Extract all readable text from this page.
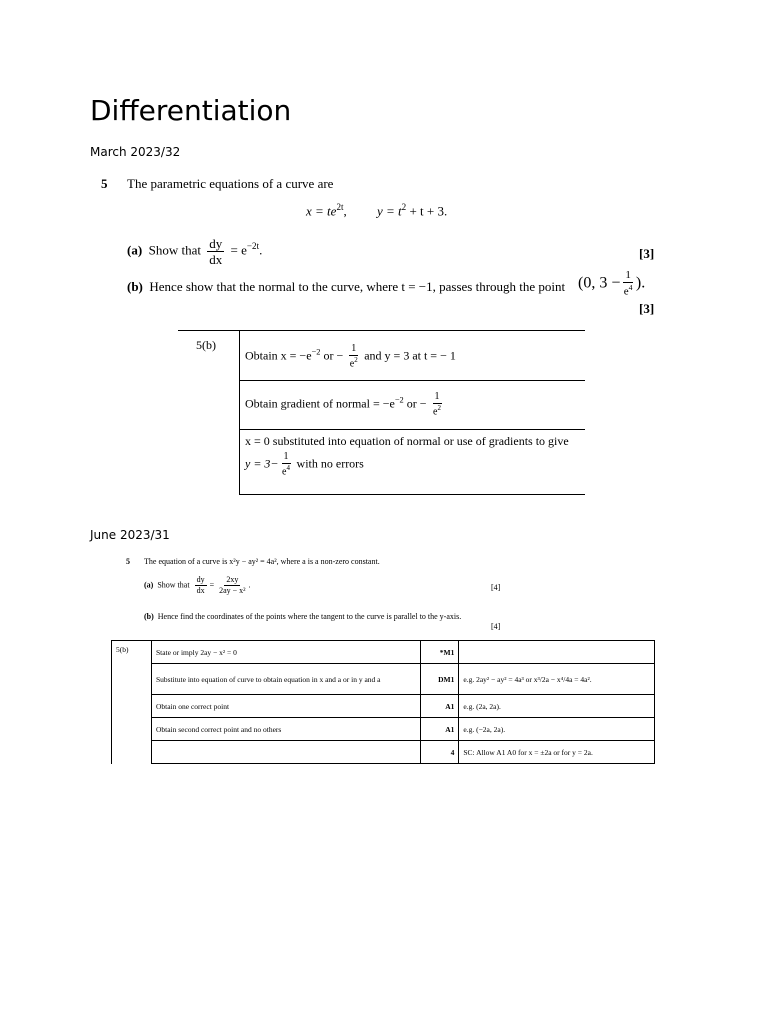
Differentiation
March 2023/32
5 The parametric equations of a curve are
$x = te^{2t}$, $y = t^2 + t + 3$.
(a) Show that $\frac{dy}{dx} = e^{-2t}$.	[3]
(b) Hence show that the normal to the curve, where t = −1, passes through the point (0, $3 - \frac{1}{e^4}$ ).
[3]
5(b)
Obtain $x = -e^{-2}$ or − $\frac{1}{e^2}$ and y = 3 at t = − 1
Obtain gradient of normal = $-e^{-2}$ or − $\frac{1}{e^2}$
x = 0 substituted into equation of normal or use of gradients to give
$y = 3- \frac{1}{e^4}$ with no errors
June 2023/31
5 The equation of a curve is x²y − ay² = 4a², where a is a non-zero constant.
(a) Show that $\frac{dy}{dx} = \frac{2xy}{\text{2ay − x²}}$ .	[4]
(b) Hence find the coordinates of the points where the tangent to the curve is parallel to the y-axis.
[4]
5(b)	State or imply 2ay − x² = 0	*M1	
	Substitute into equation of curve to obtain equation in x and a or in y and a	DM1	e.g. 2ay² − ay² = 4a³ or x³/2a − x⁴/4a = 4a².
	Obtain one correct point	A1	e.g. (2a, 2a).
	Obtain second correct point and no others	A1	e.g. (−2a, 2a).
		4	SC: Allow A1 A0 for x = ±2a or for y = 2a.
